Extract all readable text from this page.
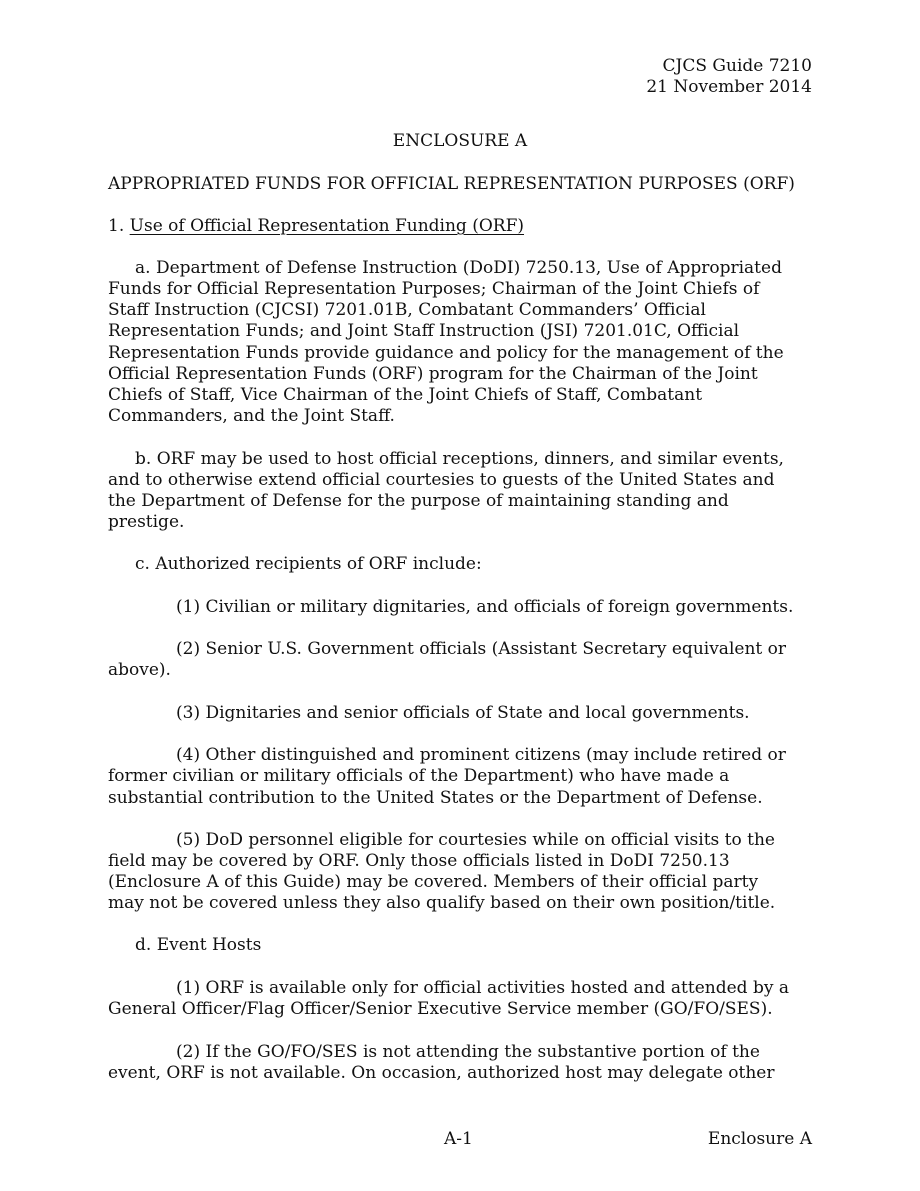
CJCS Guide 7210

21 November 2014

ENCLOSURE A

APPROPRIATED FUNDS FOR OFFICIAL REPRESENTATION PURPOSES (ORF)

1. Use of Official Representation Funding (ORF)

a. Department of Defense Instruction (DoDI) 7250.13, Use of Appropriated

Funds for Official Representation Purposes; Chairman of the Joint Chiefs of

Staff Instruction (CJCSI) 7201.01B, Combatant Commanders’ Official

Representation Funds; and Joint Staff Instruction (JSI) 7201.01C, Official

Representation Funds provide guidance and policy for the management of the

Official Representation Funds (ORF) program for the Chairman of the Joint

Chiefs of Staff, Vice Chairman of the Joint Chiefs of Staff, Combatant

Commanders, and the Joint Staff.

b. ORF may be used to host official receptions, dinners, and similar events,

and to otherwise extend official courtesies to guests of the United States and

the Department of Defense for the purpose of maintaining standing and

prestige.

c. Authorized recipients of ORF include:

(1) Civilian or military dignitaries, and officials of foreign governments.

(2) Senior U.S. Government officials (Assistant Secretary equivalent or

above).

(3) Dignitaries and senior officials of State and local governments.

(4) Other distinguished and prominent citizens (may include retired or

former civilian or military officials of the Department) who have made a

substantial contribution to the United States or the Department of Defense.

(5) DoD personnel eligible for courtesies while on official visits to the

field may be covered by ORF. Only those officials listed in DoDI 7250.13

(Enclosure A of this Guide) may be covered. Members of their official party

may not be covered unless they also qualify based on their own position/title.

d. Event Hosts

(1) ORF is available only for official activities hosted and attended by a

General Officer/Flag Officer/Senior Executive Service member (GO/FO/SES).

(2) If the GO/FO/SES is not attending the substantive portion of the

event, ORF is not available. On occasion, authorized host may delegate other

A-1	Enclosure A
